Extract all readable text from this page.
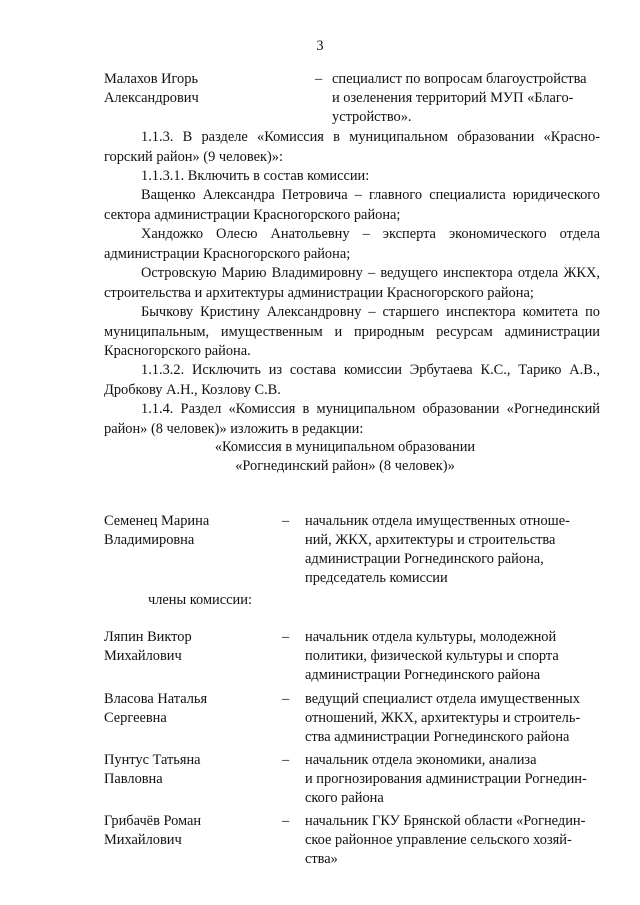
3
Малахов Игорь
Александрович
– специалист по вопросам благоустройства
и озеленения территорий МУП «Благо-
устройство».
1.1.3. В разделе «Комиссия в муниципальном образовании «Красно- горский район» (9 человек)»:
1.1.3.1. Включить в состав комиссии:
Ващенко Александра Петровича – главного специалиста юридического сектора администрации Красногорского района;
Хандожко Олесю Анатольевну – эксперта экономического отдела администрации Красногорского района;
Островскую Марию Владимировну – ведущего инспектора отдела ЖКХ, строительства и архитектуры администрации Красногорского района;
Бычкову Кристину Александровну – старшего инспектора комитета по муниципальным, имущественным и природным ресурсам администрации Красногорского района.
1.1.3.2. Исключить из состава комиссии Эрбутаева К.С., Тарико А.В., Дробкову А.Н., Козлову С.В.
1.1.4. Раздел «Комиссия в муниципальном образовании «Рогнединский район» (8 человек)» изложить в редакции:
«Комиссия в муниципальном образовании
«Рогнединский район» (8 человек)»
Семенец Марина
Владимировна
– начальник отдела имущественных отноше-
ний, ЖКХ, архитектуры и строительства
администрации Рогнединского района,
председатель комиссии
члены комиссии:
Ляпин Виктор
Михайлович
– начальник отдела культуры, молодежной
политики, физической культуры и спорта
администрации Рогнединского района
Власова Наталья
Сергеевна
– ведущий специалист отдела имущественных
отношений, ЖКХ, архитектуры и строитель-
ства администрации Рогнединского района
Пунтус Татьяна
Павловна
– начальник отдела экономики, анализа
и прогнозирования администрации Рогнедин-
ского района
Грибачёв Роман
Михайлович
– начальник ГКУ Брянской области «Рогнедин-
ское районное управление сельского хозяй-
ства»
